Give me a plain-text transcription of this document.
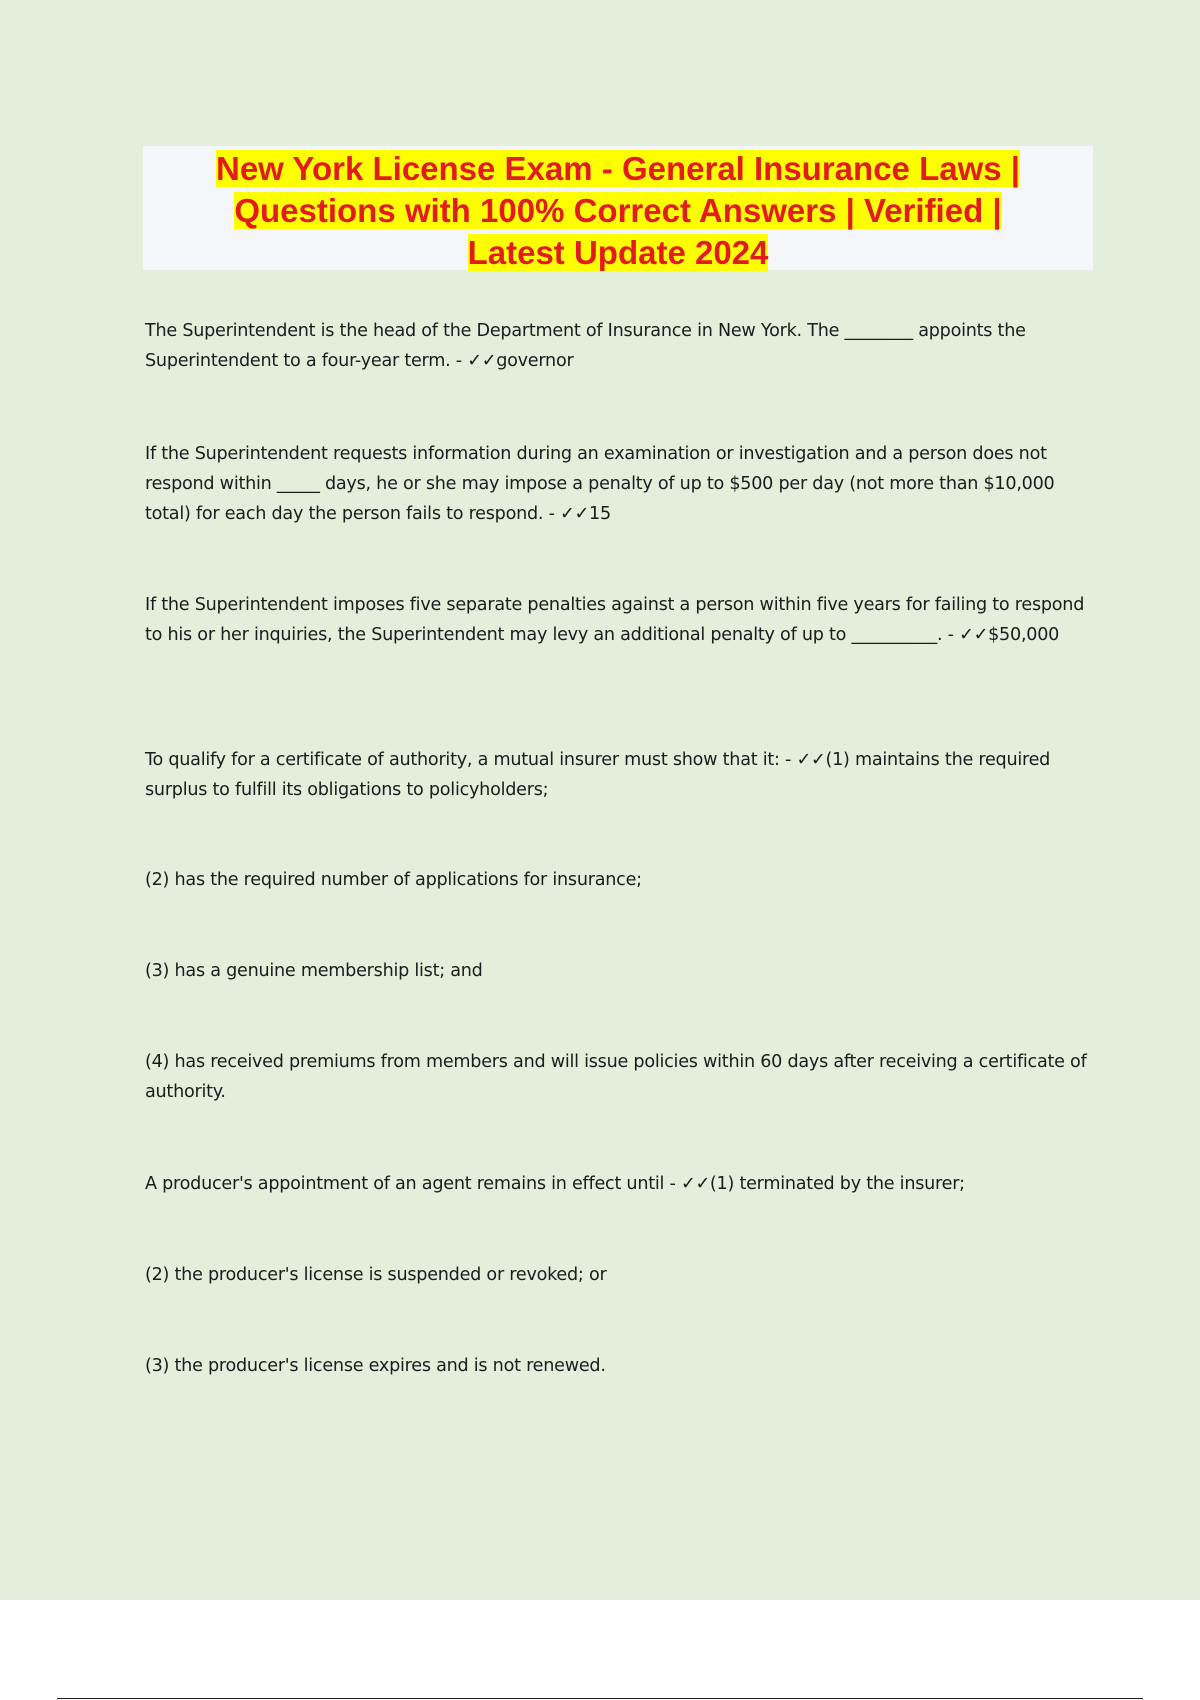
New York License Exam - General Insurance Laws |
Questions with 100% Correct Answers | Verified |
Latest Update 2024
The Superintendent is the head of the Department of Insurance in New York. The ________ appoints the Superintendent to a four-year term. - ✓✓governor
If the Superintendent requests information during an examination or investigation and a person does not respond within _____ days, he or she may impose a penalty of up to $500 per day (not more than $10,000 total) for each day the person fails to respond. - ✓✓15
If the Superintendent imposes five separate penalties against a person within five years for failing to respond to his or her inquiries, the Superintendent may levy an additional penalty of up to __________. - ✓✓$50,000
To qualify for a certificate of authority, a mutual insurer must show that it: - ✓✓(1) maintains the required surplus to fulfill its obligations to policyholders;
(2) has the required number of applications for insurance;
(3) has a genuine membership list; and
(4) has received premiums from members and will issue policies within 60 days after receiving a certificate of authority.
A producer's appointment of an agent remains in effect until - ✓✓(1) terminated by the insurer;
(2) the producer's license is suspended or revoked; or
(3) the producer's license expires and is not renewed.
